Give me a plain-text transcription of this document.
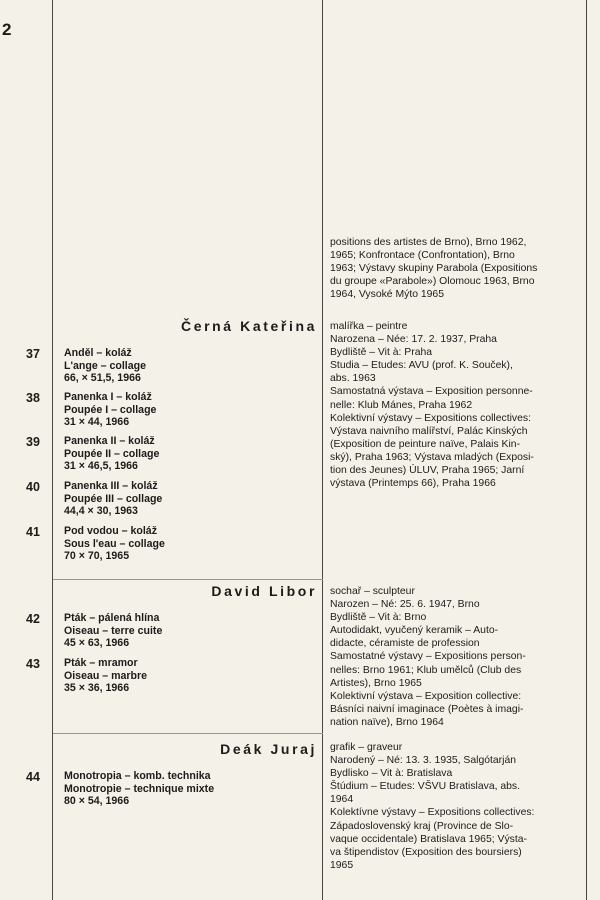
2
positions des artistes de Brno), Brno 1962,
1965; Konfrontace (Confrontation), Brno
1963; Výstavy skupiny Parabola (Expositions
du groupe «Parabole») Olomouc 1963, Brno
1964, Vysoké Mýto 1965
Černá Kateřina malířka – peintre
Narozena – Née: 17. 2. 1937, Praha
Bydliště – Vit à: Praha
Studia – Etudes: AVU (prof. K. Souček),
abs. 1963
Samostatná výstava – Exposition personne-
nelle: Klub Mánes, Praha 1962
Kolektivní výstavy – Expositions collectives:
Výstava naivního malířství, Palác Kinských
(Exposition de peinture naïve, Palais Kin-
ský), Praha 1963; Výstava mladých (Exposi-
tion des Jeunes) ÚLUV, Praha 1965; Jarní
výstava (Printemps 66), Praha 1966
37	Anděl – koláž
L'ange – collage
66, × 51,5, 1966
38	Panenka I – koláž
Poupée I – collage
31 × 44, 1966
39	Panenka II – koláž
Poupée II – collage
31 × 46,5, 1966
40	Panenka III – koláž
Poupée III – collage
44,4 × 30, 1963
41	Pod vodou – koláž
Sous l'eau – collage
70 × 70, 1965
David Libor sochař – sculpteur
Narozen – Né: 25. 6. 1947, Brno
Bydliště – Vit à: Brno
Autodidakt, vyučený keramik – Auto-
didacte, céramiste de profession
Samostatné výstavy – Expositions person-
nelles: Brno 1961; Klub umělců (Club des
Artistes), Brno 1965
Kolektivní výstava – Exposition collective:
Básníci naivní imaginace (Poètes à imagi-
nation naïve), Brno 1964
42	Pták – pálená hlína
Oiseau – terre cuite
45 × 63, 1966
43	Pták – mramor
Oiseau – marbre
35 × 36, 1966
Deák Juraj grafik – graveur
Narodený – Né: 13. 3. 1935, Salgótarján
Bydlisko – Vit à: Bratislava
Štúdium – Etudes: VŠVU Bratislava, abs.
1964
Kolektívne výstavy – Expositions collectives:
Západoslovenský kraj (Province de Slo-
vaque occidentale) Bratislava 1965; Výsta-
va štipendistov (Exposition des boursiers)
1965
44	Monotropia – komb. technika
Monotropie – technique mixte
80 × 54, 1966
